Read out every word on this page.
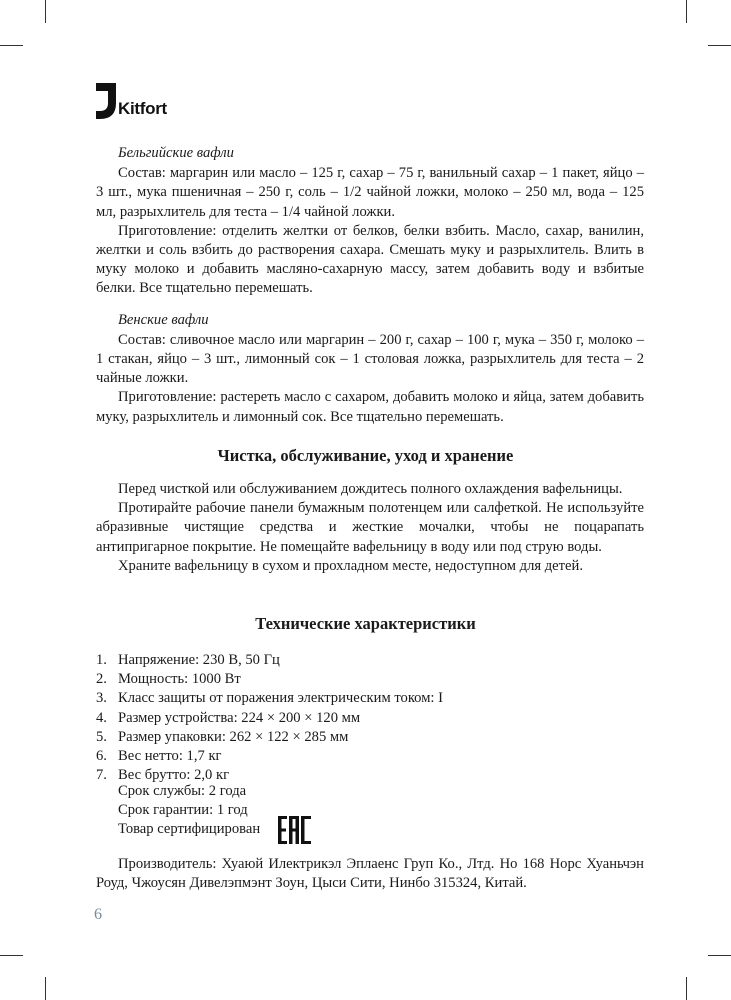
Kitfort

Бельгийские вафли

Состав: маргарин или масло – 125 г, сахар – 75 г, ванильный сахар – 1 пакет, яйцо – 3 шт., мука пшеничная – 250 г, соль – 1/2 чайной ложки, молоко – 250 мл, вода – 125 мл, разрыхлитель для теста – 1/4 чайной ложки.

Приготовление: отделить желтки от белков, белки взбить. Масло, сахар, ванилин, желтки и соль взбить до растворения сахара. Смешать муку и разрыхлитель. Влить в муку молоко и добавить масляно-сахарную массу, затем добавить воду и взбитые белки. Все тщательно перемешать.

Венские вафли

Состав: сливочное масло или маргарин – 200 г, сахар – 100 г, мука – 350 г, молоко – 1 стакан, яйцо – 3 шт., лимонный сок – 1 столовая ложка, разрыхлитель для теста – 2 чайные ложки.

Приготовление: растереть масло с сахаром, добавить молоко и яйца, затем добавить муку, разрыхлитель и лимонный сок. Все тщательно перемешать.

Чистка, обслуживание, уход и хранение

Перед чисткой или обслуживанием дождитесь полного охлаждения вафельницы.

Протирайте рабочие панели бумажным полотенцем или салфеткой. Не используйте абразивные чистящие средства и жесткие мочалки, чтобы не поцарапать антипригарное покрытие. Не помещайте вафельницу в воду или под струю воды.

Храните вафельницу в сухом и прохладном месте, недоступном для детей.

Технические характеристики
1. Напряжение: 230 В, 50 Гц
2. Мощность: 1000 Вт
3. Класс защиты от поражения электрическим током: I
4. Размер устройства: 224 × 200 × 120 мм
5. Размер упаковки: 262 × 122 × 285 мм
6. Вес нетто: 1,7 кг
7. Вес брутто: 2,0 кг
Срок службы: 2 года
Срок гарантии: 1 год
Товар сертифицирован

Производитель: Хуаюй Илектрикэл Эплаенс Груп Ко., Лтд. Но 168 Норс Хуаньчэн Роуд, Чжоусян Дивелэпмэнт Зоун, Цыси Сити, Нинбо 315324, Китай.

6
